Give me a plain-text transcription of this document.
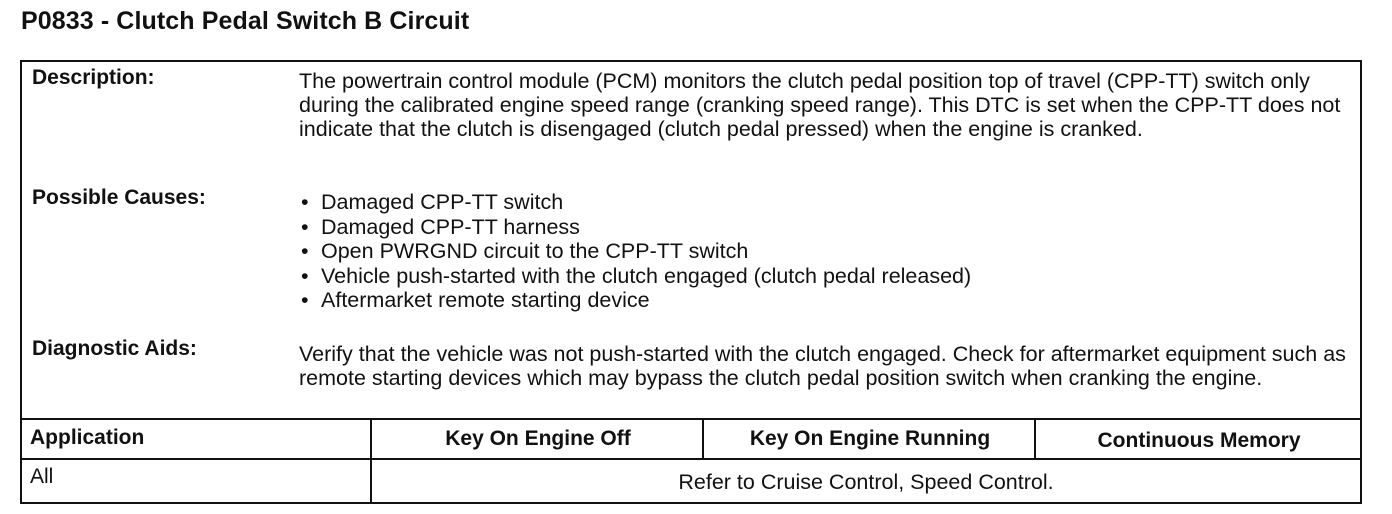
P0833 - Clutch Pedal Switch B Circuit
Description:	The powertrain control module (PCM) monitors the clutch pedal position top of travel (CPP-TT) switch only during the calibrated engine speed range (cranking speed range). This DTC is set when the CPP-TT does not indicate that the clutch is disengaged (clutch pedal pressed) when the engine is cranked.
Possible Causes:	• Damaged CPP-TT switch
• Damaged CPP-TT harness
• Open PWRGND circuit to the CPP-TT switch
• Vehicle push-started with the clutch engaged (clutch pedal released)
• Aftermarket remote starting device
Diagnostic Aids:	Verify that the vehicle was not push-started with the clutch engaged. Check for aftermarket equipment such as remote starting devices which may bypass the clutch pedal position switch when cranking the engine.
Application	Key On Engine Off	Key On Engine Running	Continuous Memory
All	Refer to Cruise Control, Speed Control.
